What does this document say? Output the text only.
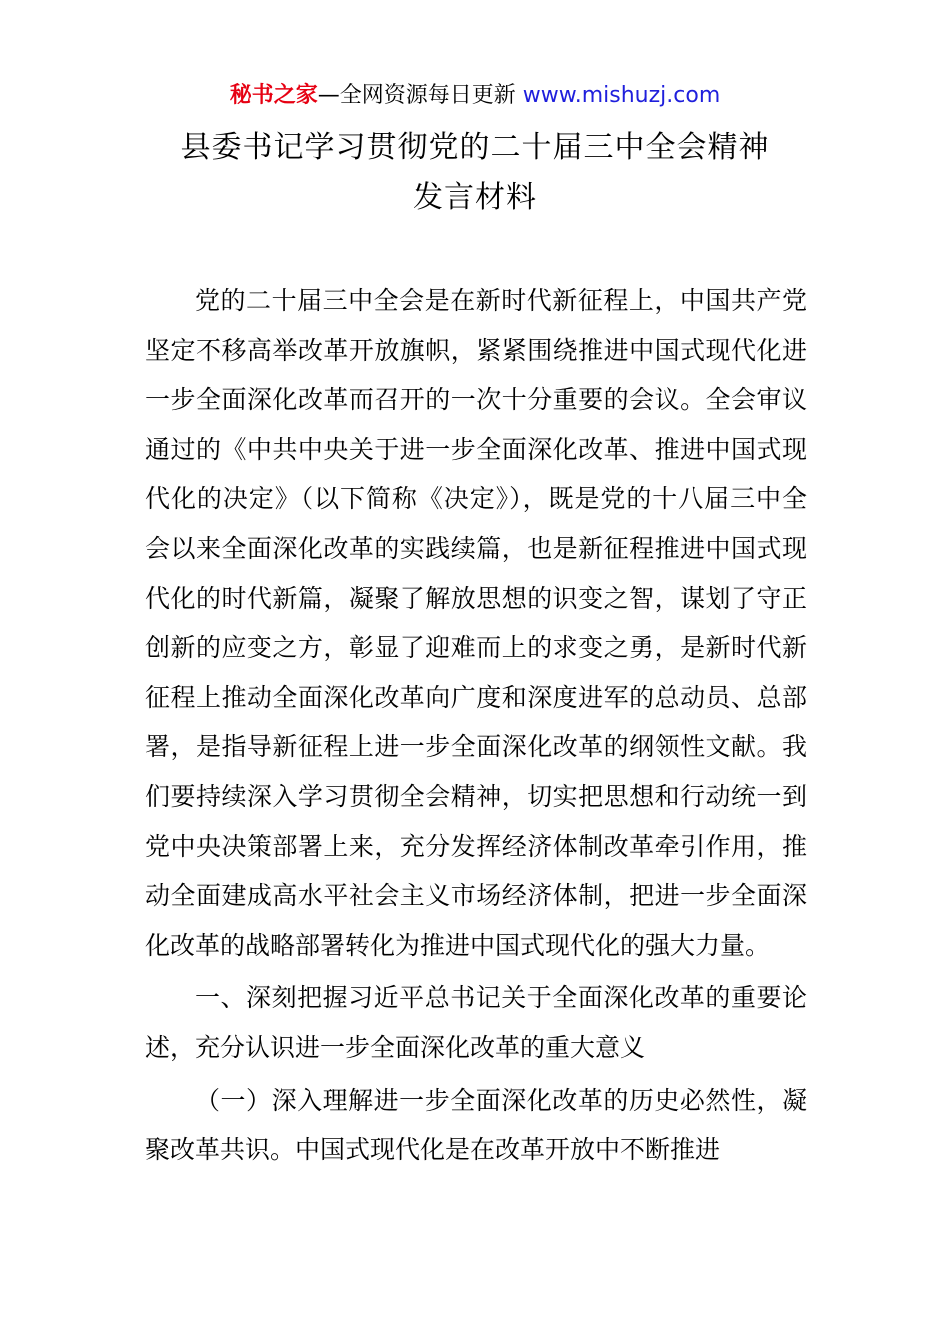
秘书之家—全网资源每日更新 www.mishuzj.com
县委书记学习贯彻党的二十届三中全会精神
发言材料

党的二十届三中全会是在新时代新征程上，中国共产党坚定不移高举改革开放旗帜，紧紧围绕推进中国式现代化进一步全面深化改革而召开的一次十分重要的会议。全会审议通过的《中共中央关于进一步全面深化改革、推进中国式现代化的决定》（以下简称《决定》），既是党的十八届三中全会以来全面深化改革的实践续篇，也是新征程推进中国式现代化的时代新篇，凝聚了解放思想的识变之智，谋划了守正创新的应变之方，彰显了迎难而上的求变之勇，是新时代新征程上推动全面深化改革向广度和深度进军的总动员、总部署，是指导新征程上进一步全面深化改革的纲领性文献。我们要持续深入学习贯彻全会精神，切实把思想和行动统一到党中央决策部署上来，充分发挥经济体制改革牵引作用，推动全面建成高水平社会主义市场经济体制，把进一步全面深化改革的战略部署转化为推进中国式现代化的强大力量。

一、深刻把握习近平总书记关于全面深化改革的重要论述，充分认识进一步全面深化改革的重大意义

（一）深入理解进一步全面深化改革的历史必然性，凝聚改革共识。中国式现代化是在改革开放中不断推进
